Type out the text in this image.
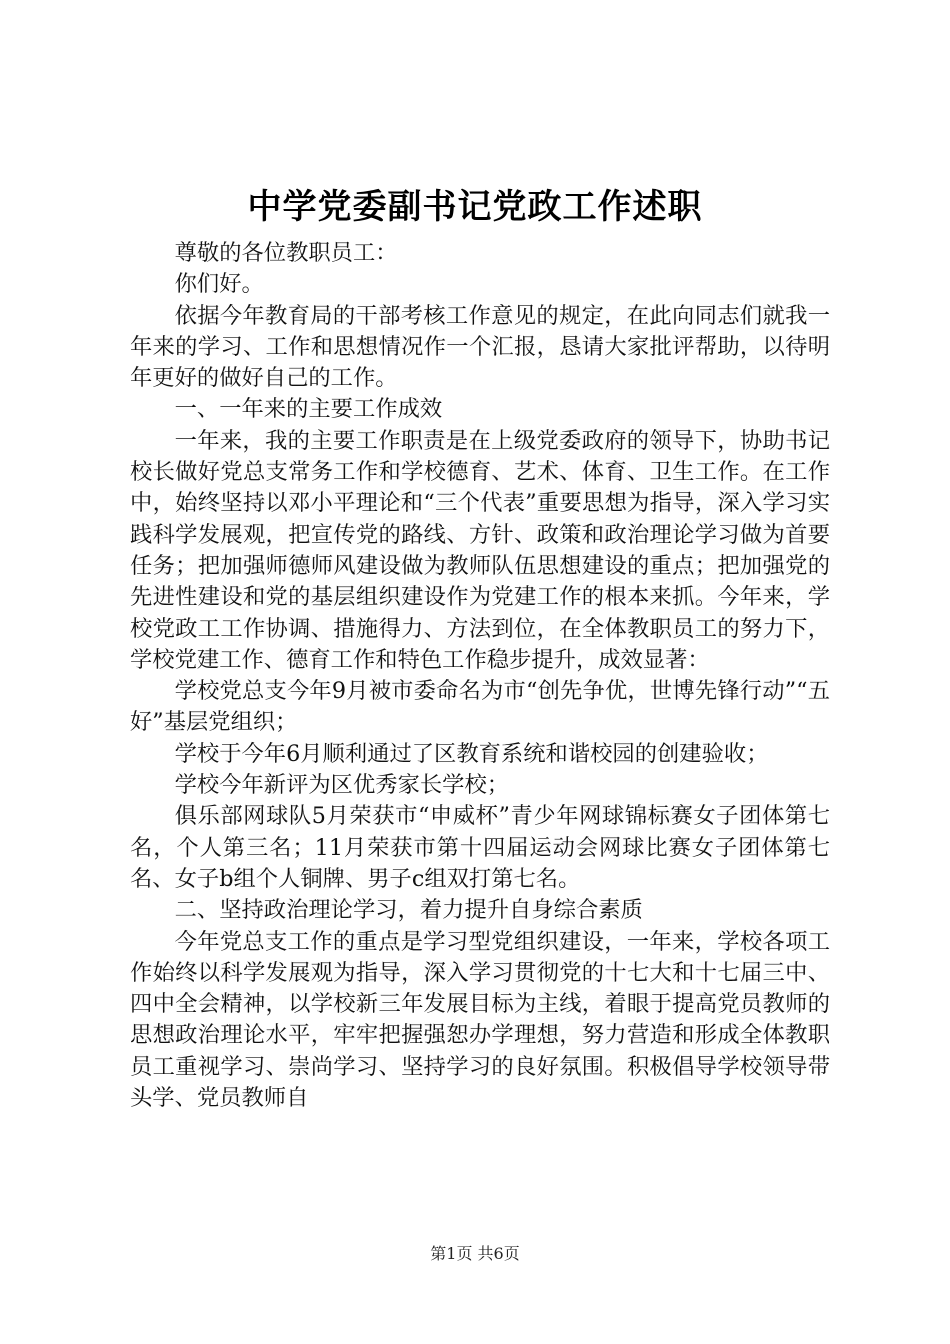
中学党委副书记党政工作述职

尊敬的各位教职员工：

你们好。

依据今年教育局的干部考核工作意见的规定，在此向同志们就我一年来的学习、工作和思想情况作一个汇报，恳请大家批评帮助，以待明年更好的做好自己的工作。

一、一年来的主要工作成效

一年来，我的主要工作职责是在上级党委政府的领导下，协助书记校长做好党总支常务工作和学校德育、艺术、体育、卫生工作。在工作中，始终坚持以邓小平理论和“三个代表”重要思想为指导，深入学习实践科学发展观，把宣传党的路线、方针、政策和政治理论学习做为首要任务；把加强师德师风建设做为教师队伍思想建设的重点；把加强党的先进性建设和党的基层组织建设作为党建工作的根本来抓。今年来，学校党政工工作协调、措施得力、方法到位，在全体教职员工的努力下，学校党建工作、德育工作和特色工作稳步提升，成效显著：

学校党总支今年9月被市委命名为市“创先争优，世博先锋行动”“五好”基层党组织；

学校于今年6月顺利通过了区教育系统和谐校园的创建验收；

学校今年新评为区优秀家长学校；

俱乐部网球队5月荣获市“申威杯”青少年网球锦标赛女子团体第七名，个人第三名；11月荣获市第十四届运动会网球比赛女子团体第七名、女子b组个人铜牌、男子c组双打第七名。

二、坚持政治理论学习，着力提升自身综合素质

今年党总支工作的重点是学习型党组织建设，一年来，学校各项工作始终以科学发展观为指导，深入学习贯彻党的十七大和十七届三中、四中全会精神，以学校新三年发展目标为主线，着眼于提高党员教师的思想政治理论水平，牢牢把握强恕办学理想，努力营造和形成全体教职员工重视学习、崇尚学习、坚持学习的良好氛围。积极倡导学校领导带头学、党员教师自

第1页 共6页
